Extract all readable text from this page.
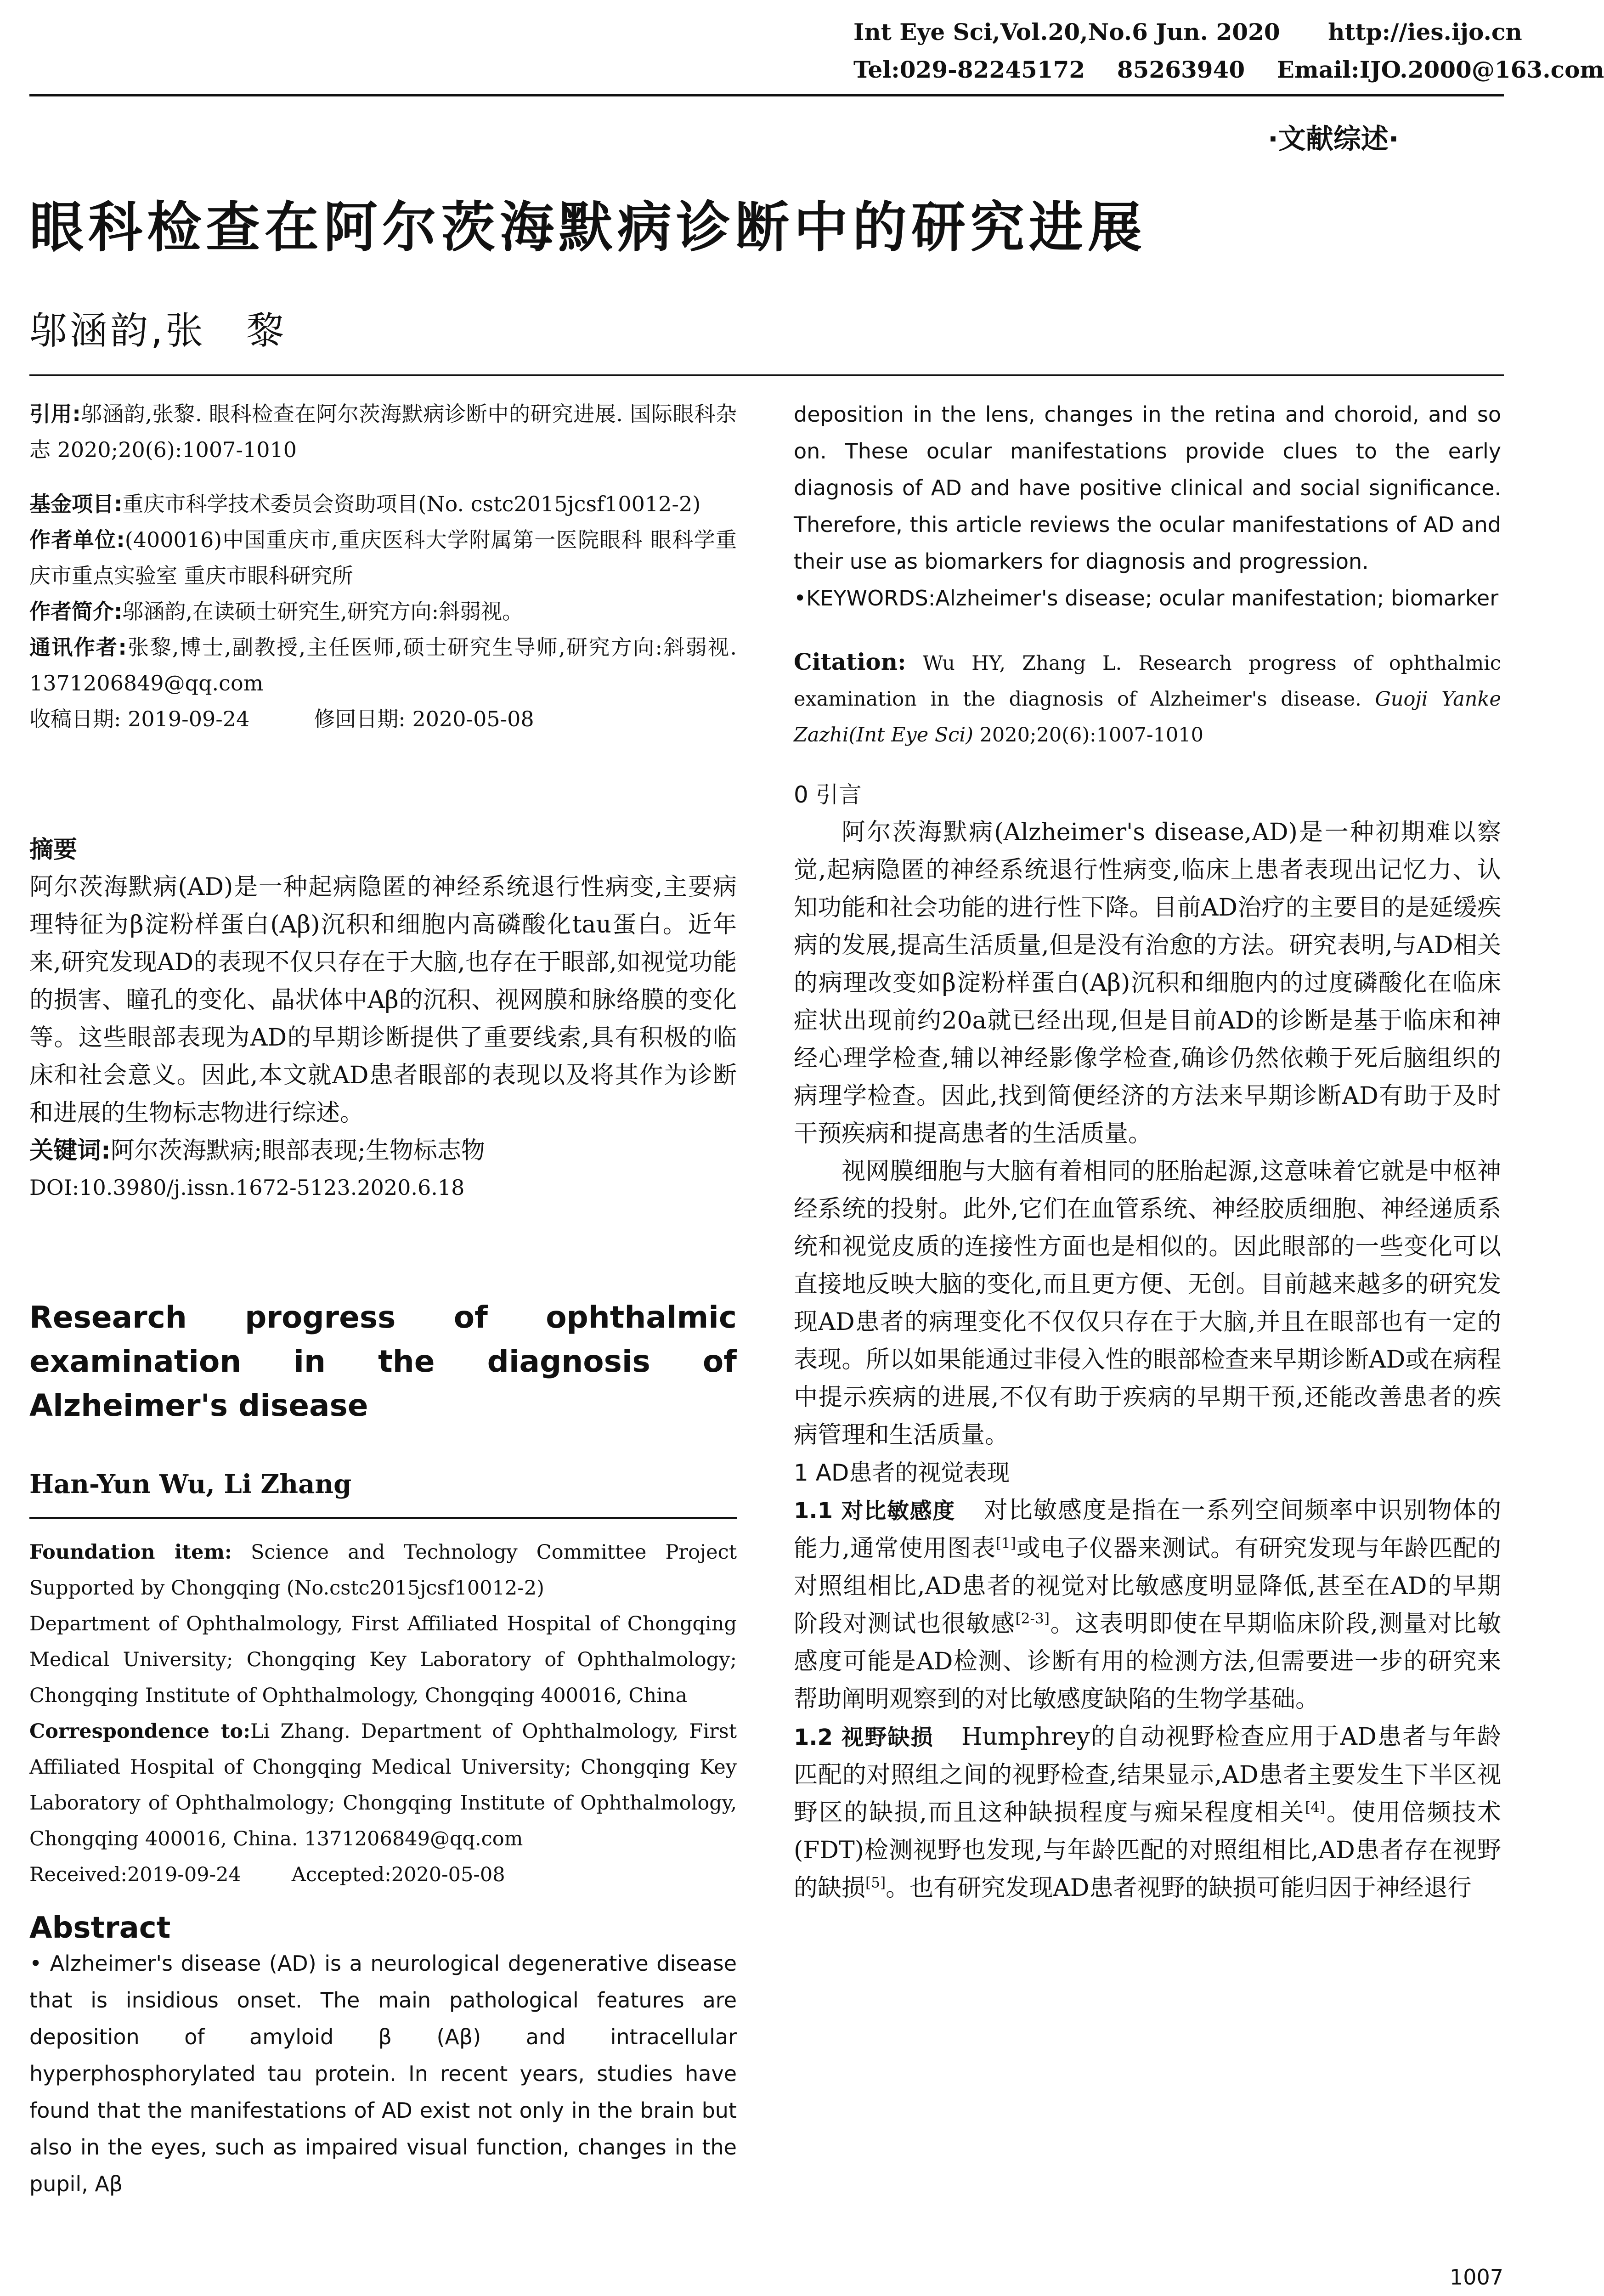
Int Eye Sci,Vol.20,No.6 Jun. 2020      http://ies.ijo.cn
Tel:029-82245172    85263940    Email:IJO.2000@163.com
·文献综述·
眼科检查在阿尔茨海默病诊断中的研究进展
邬涵韵,张　黎

引用:邬涵韵,张黎. 眼科检查在阿尔茨海默病诊断中的研究进展. 国际眼科杂志 2020;20(6):1007-1010

基金项目:重庆市科学技术委员会资助项目(No. cstc2015jcsf10012-2)

作者单位:(400016)中国重庆市,重庆医科大学附属第一医院眼科 眼科学重庆市重点实验室 重庆市眼科研究所

作者简介:邬涵韵,在读硕士研究生,研究方向:斜弱视。

通讯作者:张黎,博士,副教授,主任医师,硕士研究生导师,研究方向:斜弱视. 1371206849@qq.com

收稿日期: 2019-09-24	修回日期: 2020-05-08

摘要

阿尔茨海默病(AD)是一种起病隐匿的神经系统退行性病变,主要病理特征为β淀粉样蛋白(Aβ)沉积和细胞内高磷酸化tau蛋白。近年来,研究发现AD的表现不仅只存在于大脑,也存在于眼部,如视觉功能的损害、瞳孔的变化、晶状体中Aβ的沉积、视网膜和脉络膜的变化等。这些眼部表现为AD的早期诊断提供了重要线索,具有积极的临床和社会意义。因此,本文就AD患者眼部的表现以及将其作为诊断和进展的生物标志物进行综述。

关键词:阿尔茨海默病;眼部表现;生物标志物

DOI:10.3980/j.issn.1672-5123.2020.6.18

Research progress of ophthalmic examination in the diagnosis of Alzheimer's disease
Han-Yun Wu, Li Zhang

Foundation item: Science and Technology Committee Project Supported by Chongqing (No.cstc2015jcsf10012-2)

Department of Ophthalmology, First Affiliated Hospital of Chongqing Medical University; Chongqing Key Laboratory of Ophthalmology; Chongqing Institute of Ophthalmology, Chongqing 400016, China

Correspondence to:Li Zhang. Department of Ophthalmology, First Affiliated Hospital of Chongqing Medical University; Chongqing Key Laboratory of Ophthalmology; Chongqing Institute of Ophthalmology, Chongqing 400016, China. 1371206849@qq.com

Received:2019-09-24	Accepted:2020-05-08

Abstract

• Alzheimer's disease (AD) is a neurological degenerative disease that is insidious onset. The main pathological features are deposition of amyloid β (Aβ) and intracellular hyperphosphorylated tau protein. In recent years, studies have found that the manifestations of AD exist not only in the brain but also in the eyes, such as impaired visual function, changes in the pupil, Aβ

deposition in the lens, changes in the retina and choroid, and so on. These ocular manifestations provide clues to the early diagnosis of AD and have positive clinical and social significance. Therefore, this article reviews the ocular manifestations of AD and their use as biomarkers for diagnosis and progression.

•KEYWORDS:Alzheimer's disease; ocular manifestation; biomarker

Citation: Wu HY, Zhang L. Research progress of ophthalmic examination in the diagnosis of Alzheimer's disease. Guoji Yanke Zazhi(Int Eye Sci) 2020;20(6):1007-1010

0 引言

阿尔茨海默病(Alzheimer's disease,AD)是一种初期难以察觉,起病隐匿的神经系统退行性病变,临床上患者表现出记忆力、认知功能和社会功能的进行性下降。目前AD治疗的主要目的是延缓疾病的发展,提高生活质量,但是没有治愈的方法。研究表明,与AD相关的病理改变如β淀粉样蛋白(Aβ)沉积和细胞内的过度磷酸化在临床症状出现前约20a就已经出现,但是目前AD的诊断是基于临床和神经心理学检查,辅以神经影像学检查,确诊仍然依赖于死后脑组织的病理学检查。因此,找到简便经济的方法来早期诊断AD有助于及时干预疾病和提高患者的生活质量。

视网膜细胞与大脑有着相同的胚胎起源,这意味着它就是中枢神经系统的投射。此外,它们在血管系统、神经胶质细胞、神经递质系统和视觉皮质的连接性方面也是相似的。因此眼部的一些变化可以直接地反映大脑的变化,而且更方便、无创。目前越来越多的研究发现AD患者的病理变化不仅仅只存在于大脑,并且在眼部也有一定的表现。所以如果能通过非侵入性的眼部检查来早期诊断AD或在病程中提示疾病的进展,不仅有助于疾病的早期干预,还能改善患者的疾病管理和生活质量。

1 AD患者的视觉表现

1.1 对比敏感度 对比敏感度是指在一系列空间频率中识别物体的能力,通常使用图表[1]或电子仪器来测试。有研究发现与年龄匹配的对照组相比,AD患者的视觉对比敏感度明显降低,甚至在AD的早期阶段对测试也很敏感[2-3]。这表明即使在早期临床阶段,测量对比敏感度可能是AD检测、诊断有用的检测方法,但需要进一步的研究来帮助阐明观察到的对比敏感度缺陷的生物学基础。

1.2 视野缺损 Humphrey的自动视野检查应用于AD患者与年龄匹配的对照组之间的视野检查,结果显示,AD患者主要发生下半区视野区的缺损,而且这种缺损程度与痴呆程度相关[4]。使用倍频技术(FDT)检测视野也发现,与年龄匹配的对照组相比,AD患者存在视野的缺损[5]。也有研究发现AD患者视野的缺损可能归因于神经退行

1007
